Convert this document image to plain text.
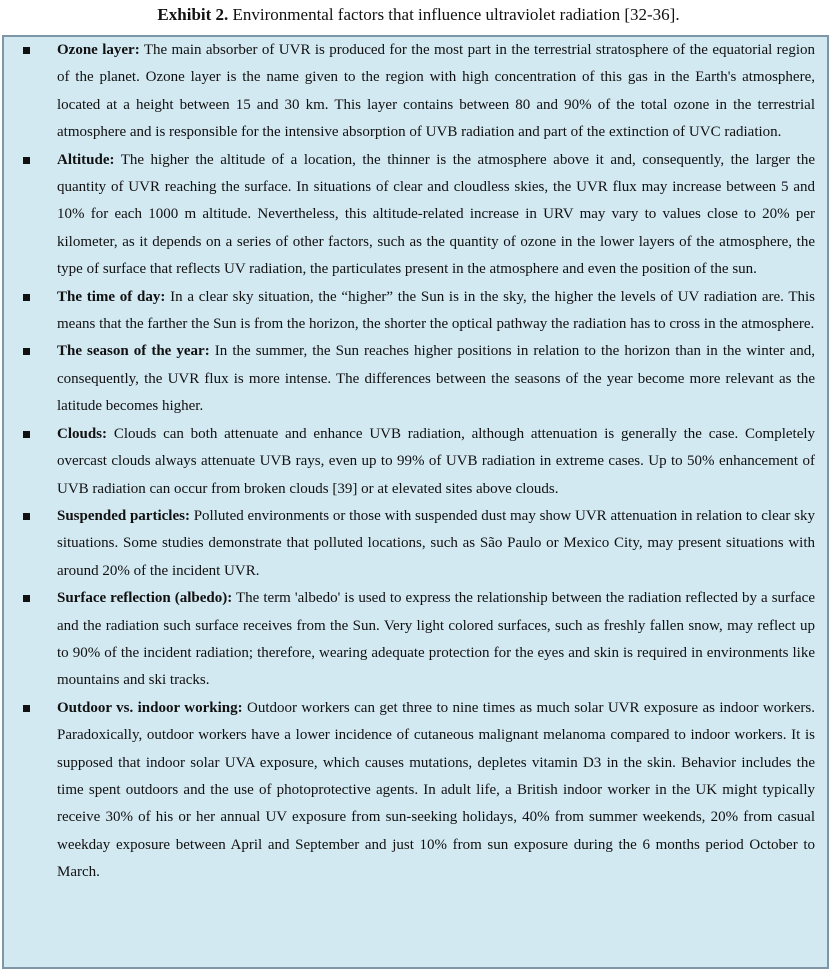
Exhibit 2. Environmental factors that influence ultraviolet radiation [32-36].
Ozone layer: The main absorber of UVR is produced for the most part in the terrestrial stratosphere of the equatorial region of the planet. Ozone layer is the name given to the region with high concentration of this gas in the Earth's atmosphere, located at a height between 15 and 30 km. This layer contains between 80 and 90% of the total ozone in the terrestrial atmosphere and is responsible for the intensive absorption of UVB radiation and part of the extinction of UVC radiation.
Altitude: The higher the altitude of a location, the thinner is the atmosphere above it and, consequently, the larger the quantity of UVR reaching the surface. In situations of clear and cloudless skies, the UVR flux may increase between 5 and 10% for each 1000 m altitude. Nevertheless, this altitude-related increase in URV may vary to values close to 20% per kilometer, as it depends on a series of other factors, such as the quantity of ozone in the lower layers of the atmosphere, the type of surface that reflects UV radiation, the particulates present in the atmosphere and even the position of the sun.
The time of day: In a clear sky situation, the “higher” the Sun is in the sky, the higher the levels of UV radiation are. This means that the farther the Sun is from the horizon, the shorter the optical pathway the radiation has to cross in the atmosphere.
The season of the year: In the summer, the Sun reaches higher positions in relation to the horizon than in the winter and, consequently, the UVR flux is more intense. The differences between the seasons of the year become more relevant as the latitude becomes higher.
Clouds: Clouds can both attenuate and enhance UVB radiation, although attenuation is generally the case. Completely overcast clouds always attenuate UVB rays, even up to 99% of UVB radiation in extreme cases. Up to 50% enhancement of UVB radiation can occur from broken clouds [39] or at elevated sites above clouds.
Suspended particles: Polluted environments or those with suspended dust may show UVR attenuation in relation to clear sky situations. Some studies demonstrate that polluted locations, such as São Paulo or Mexico City, may present situations with around 20% of the incident UVR.
Surface reflection (albedo): The term 'albedo' is used to express the relationship between the radiation reflected by a surface and the radiation such surface receives from the Sun. Very light colored surfaces, such as freshly fallen snow, may reflect up to 90% of the incident radiation; therefore, wearing adequate protection for the eyes and skin is required in environments like mountains and ski tracks.
Outdoor vs. indoor working: Outdoor workers can get three to nine times as much solar UVR exposure as indoor workers. Paradoxically, outdoor workers have a lower incidence of cutaneous malignant melanoma compared to indoor workers. It is supposed that indoor solar UVA exposure, which causes mutations, depletes vitamin D3 in the skin. Behavior includes the time spent outdoors and the use of photoprotective agents. In adult life, a British indoor worker in the UK might typically receive 30% of his or her annual UV exposure from sun-seeking holidays, 40% from summer weekends, 20% from casual weekday exposure between April and September and just 10% from sun exposure during the 6 months period October to March.
